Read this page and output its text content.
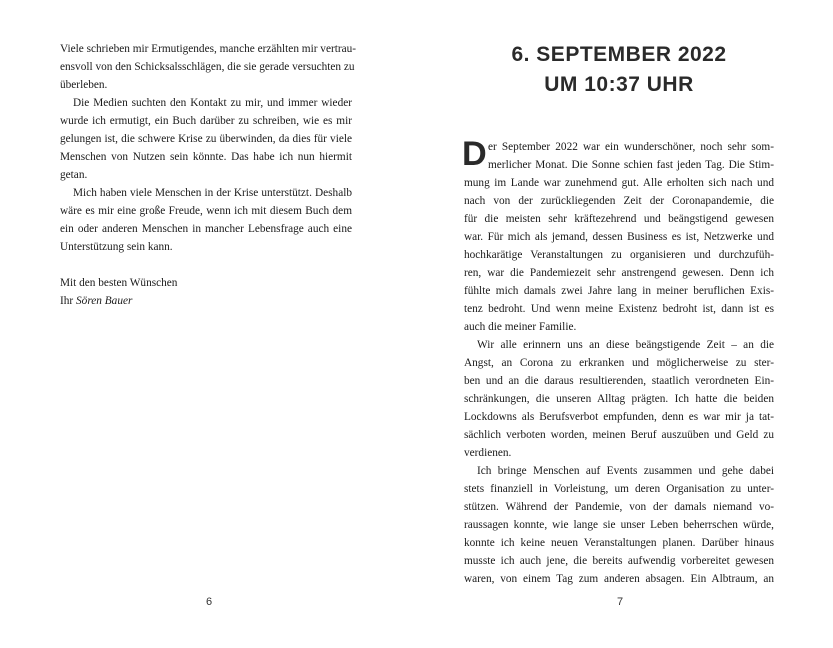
Viele schrieben mir Ermutigendes, manche erzählten mir vertrau-
ensvoll von den Schicksalsschlägen, die sie gerade versuchten zu
überleben.
Die Medien suchten den Kontakt zu mir, und immer wieder
wurde ich ermutigt, ein Buch darüber zu schreiben, wie es mir
gelungen ist, die schwere Krise zu überwinden, da dies für viele
Menschen von Nutzen sein könnte. Das habe ich nun hiermit
getan.
Mich haben viele Menschen in der Krise unterstützt. Deshalb
wäre es mir eine große Freude, wenn ich mit diesem Buch dem
ein oder anderen Menschen in mancher Lebensfrage auch eine
Unterstützung sein kann.
Mit den besten Wünschen
Ihr Sören Bauer
6
6. SEPTEMBER 2022
UM 10:37 UHR
D er September 2022 war ein wunderschöner, noch sehr som-
merlicher Monat. Die Sonne schien fast jeden Tag. Die Stim-
mung im Lande war zunehmend gut. Alle erholten sich nach und
nach von der zurückliegenden Zeit der Coronapandemie, die
für die meisten sehr kräftezehrend und beängstigend gewesen
war. Für mich als jemand, dessen Business es ist, Netzwerke und
hochkarätige Veranstaltungen zu organisieren und durchzufüh-
ren, war die Pandemiezeit sehr anstrengend gewesen. Denn ich
fühlte mich damals zwei Jahre lang in meiner beruflichen Exis-
tenz bedroht. Und wenn meine Existenz bedroht ist, dann ist es
auch die meiner Familie.
Wir alle erinnern uns an diese beängstigende Zeit – an die
Angst, an Corona zu erkranken und möglicherweise zu ster-
ben und an die daraus resultierenden, staatlich verordneten Ein-
schränkungen, die unseren Alltag prägten. Ich hatte die beiden
Lockdowns als Berufsverbot empfunden, denn es war mir ja tat-
sächlich verboten worden, meinen Beruf auszuüben und Geld zu
verdienen.
Ich bringe Menschen auf Events zusammen und gehe dabei
stets finanziell in Vorleistung, um deren Organisation zu unter-
stützen. Während der Pandemie, von der damals niemand vo-
raussagen konnte, wie lange sie unser Leben beherrschen würde,
konnte ich keine neuen Veranstaltungen planen. Darüber hinaus
musste ich auch jene, die bereits aufwendig vorbereitet gewesen
waren, von einem Tag zum anderen absagen. Ein Albtraum, an
7
